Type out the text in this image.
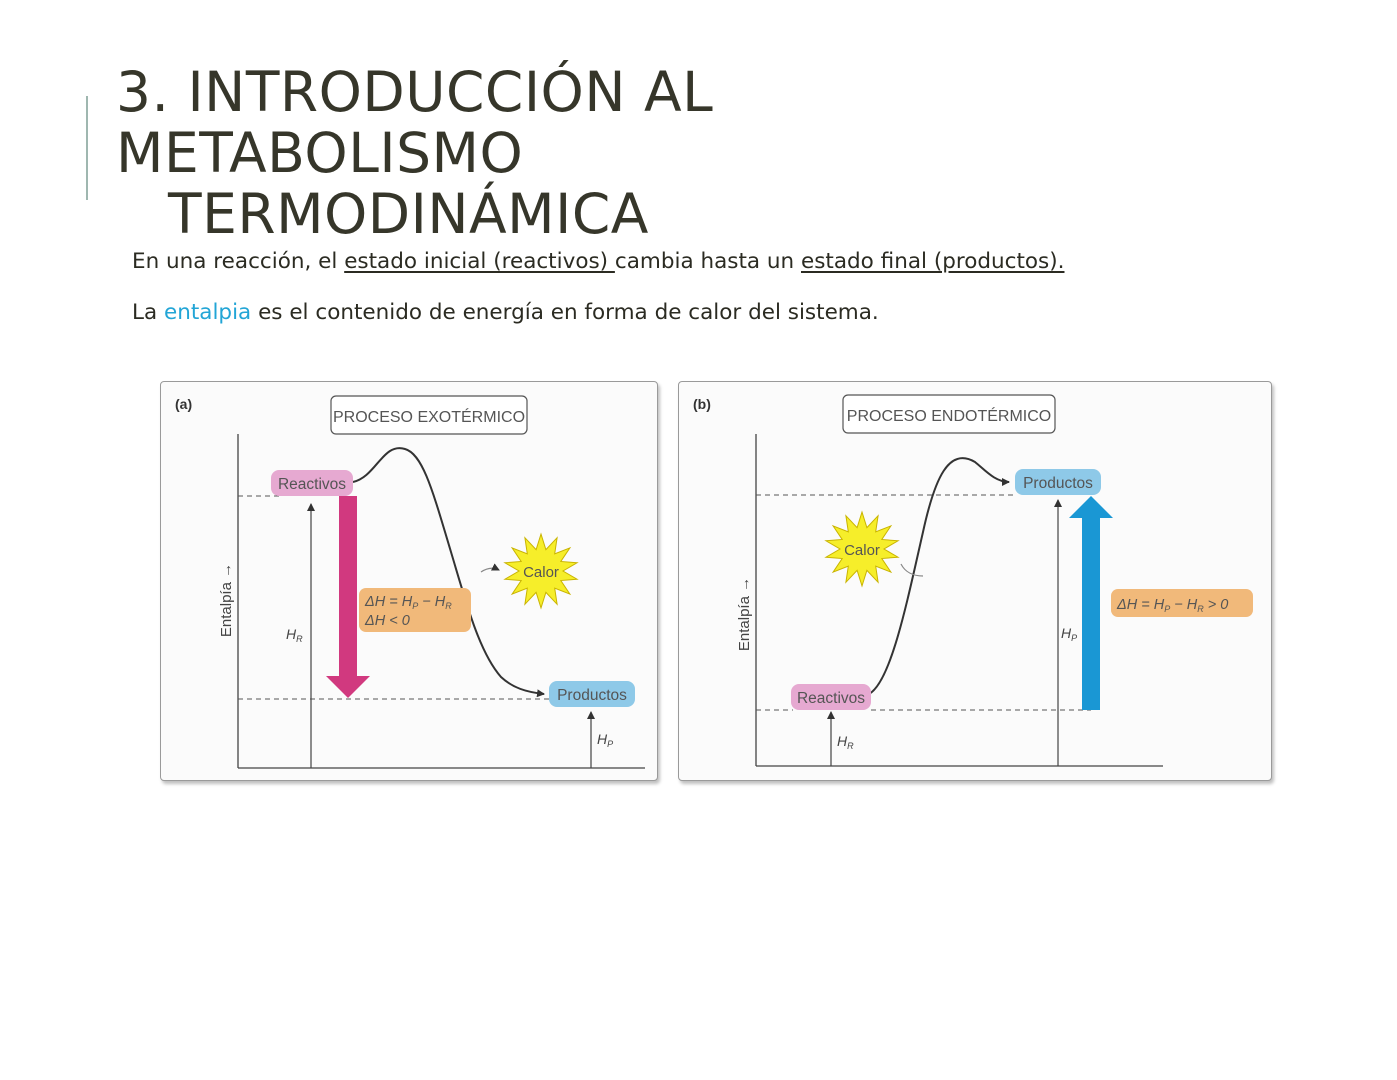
3. INTRODUCCIÓN AL
METABOLISMO
TERMODINÁMICA
En una reacción, el estado inicial (reactivos) cambia hasta un estado final (productos).
La entalpia es el contenido de energía en forma de calor del sistema.
(a)
PROCESO EXOTÉRMICO
Entalpía →	$H_R$
$H_P$
Reactivos
Productos
$\Delta H = H_P - H_R$
ΔH < 0
Calor
(b)
PROCESO ENDOTÉRMICO
Entalpía →
$H_R$
$H_P$
Productos
Reactivos
$\Delta H = H_P - H_R > 0$
Calor
